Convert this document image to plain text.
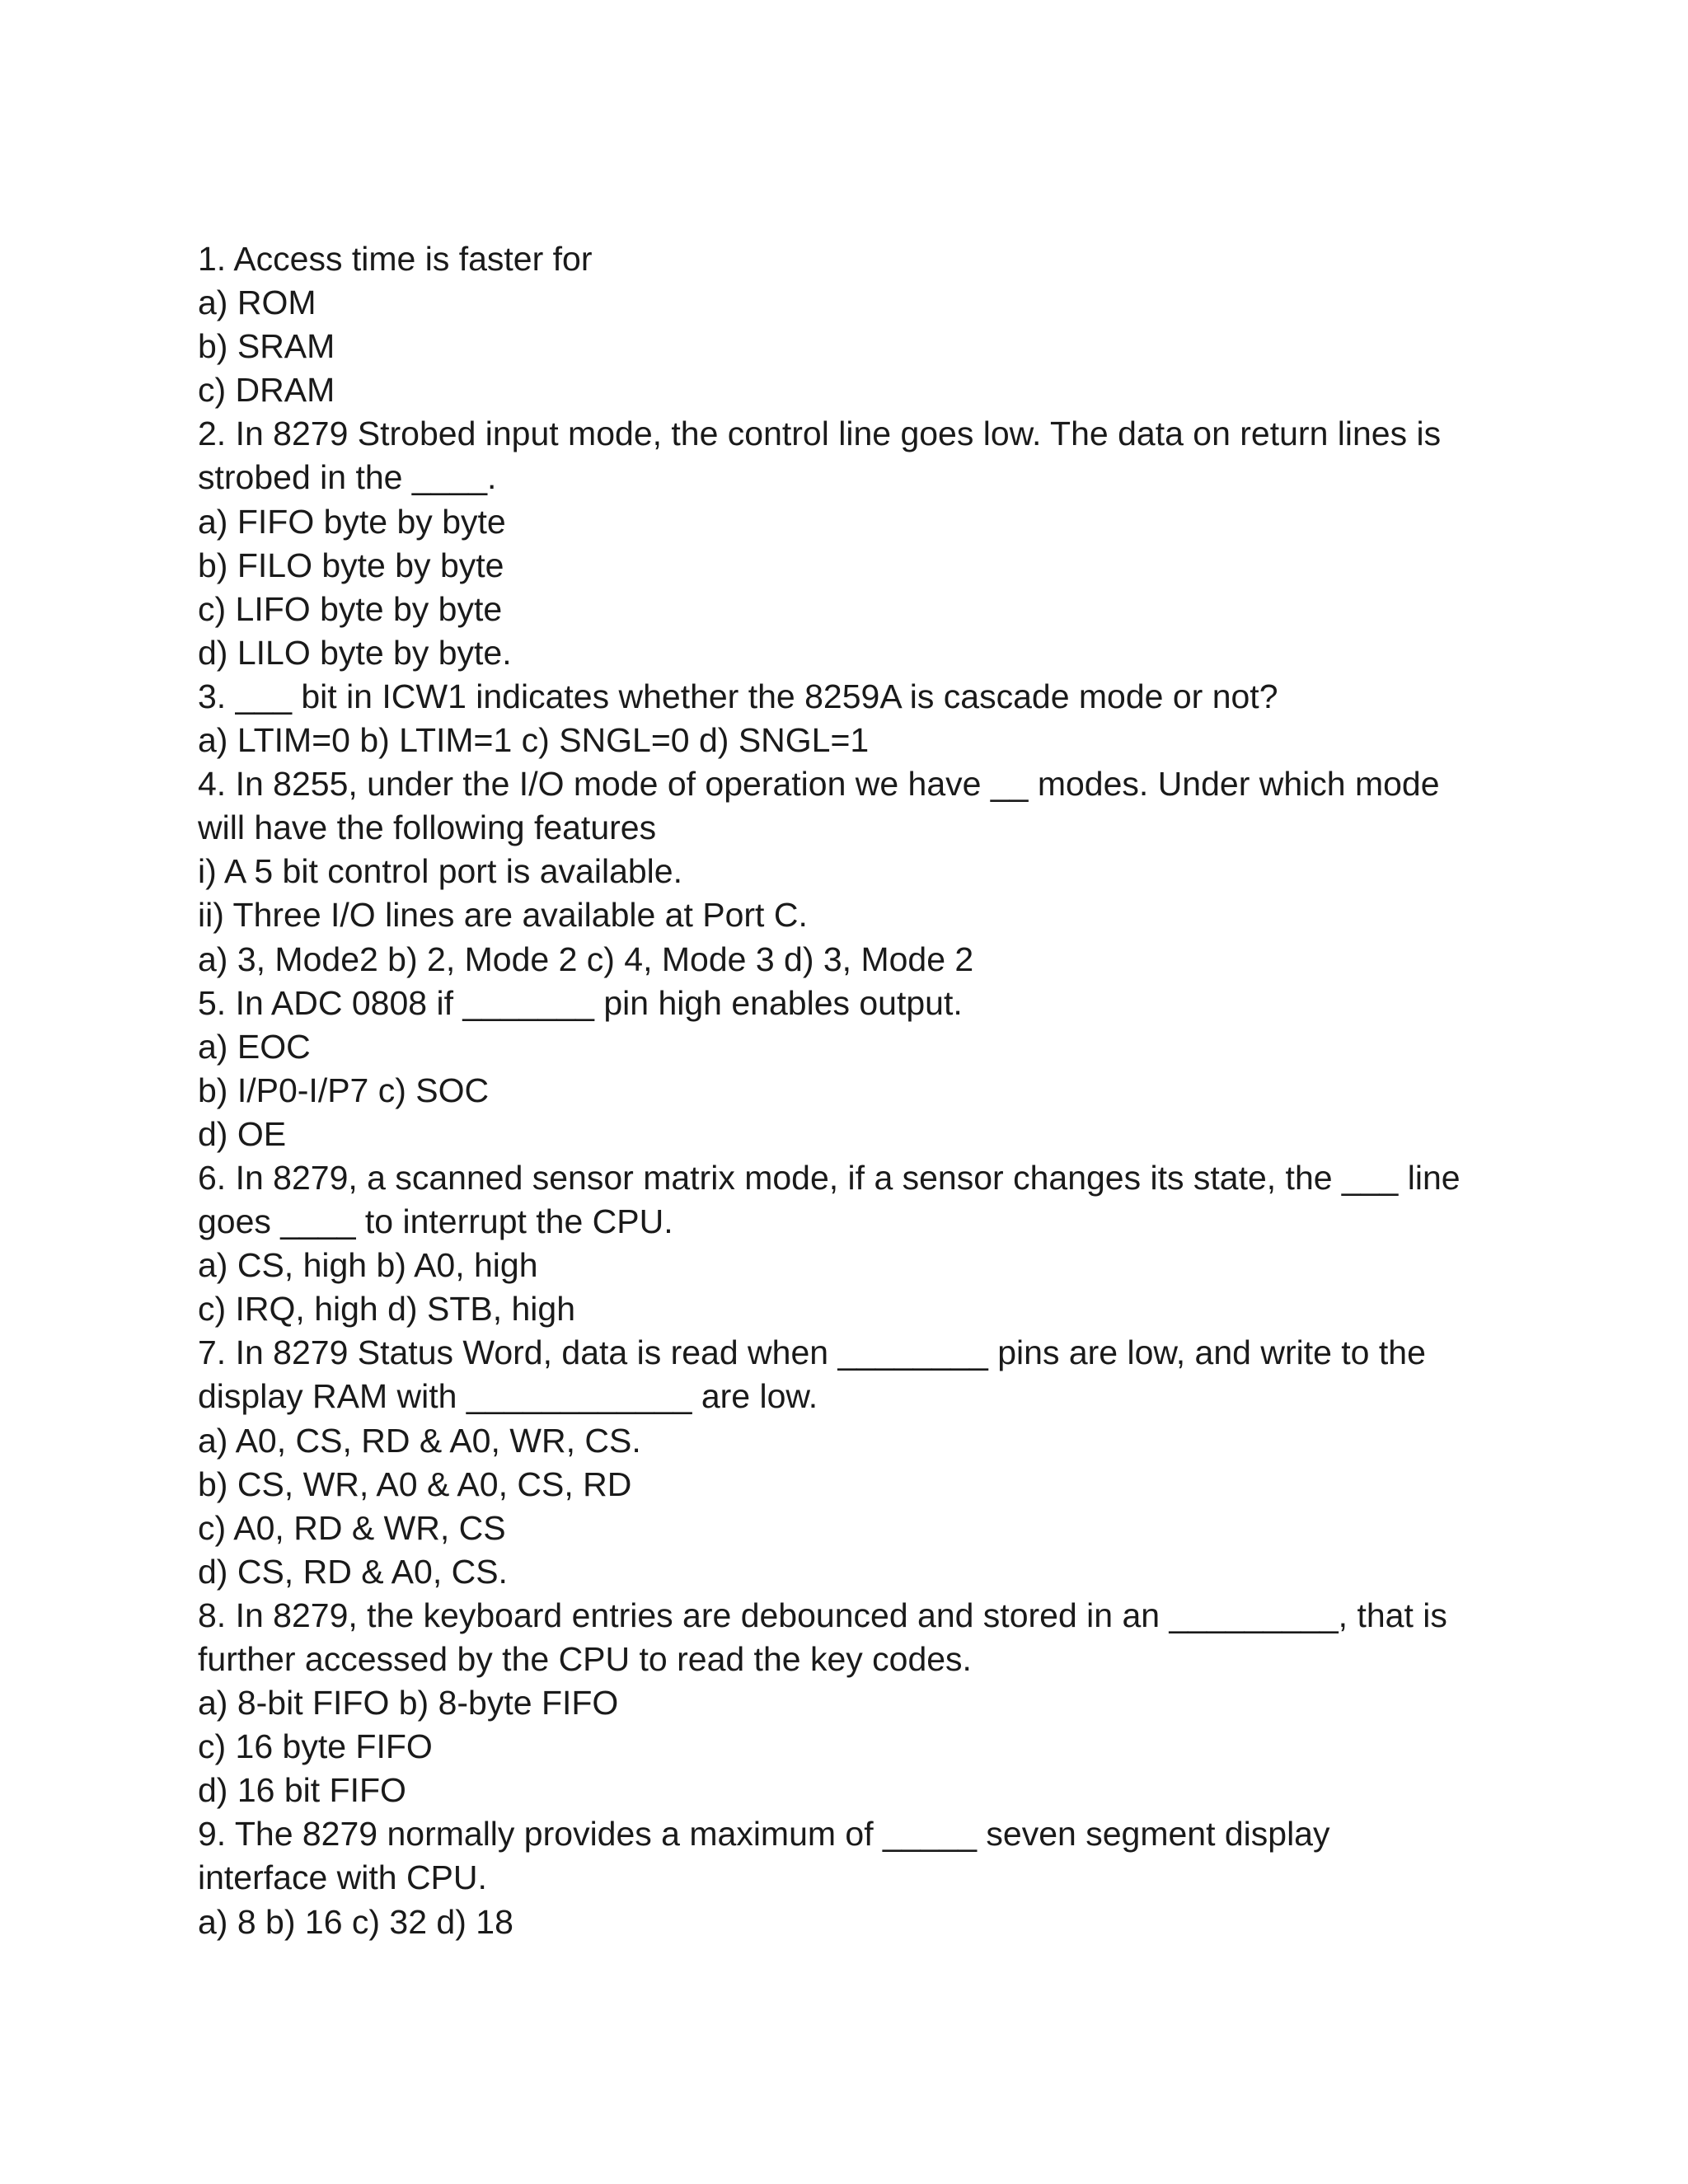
1. Access time is faster for
a) ROM
b) SRAM
c) DRAM
2. In 8279 Strobed input mode, the control line goes low. The data on return lines is
strobed in the ____.
a) FIFO byte by byte
b) FILO byte by byte
c) LIFO byte by byte
d) LILO byte by byte.
3. ___ bit in ICW1 indicates whether the 8259A is cascade mode or not?
a) LTIM=0 b) LTIM=1 c) SNGL=0 d) SNGL=1
4. In 8255, under the I/O mode of operation we have __ modes. Under which mode
will have the following features
i) A 5 bit control port is available.
ii) Three I/O lines are available at Port C.
a) 3, Mode2 b) 2, Mode 2 c) 4, Mode 3 d) 3, Mode 2
5. In ADC 0808 if _______ pin high enables output.
a) EOC
b) I/P0-I/P7 c) SOC
d) OE
6. In 8279, a scanned sensor matrix mode, if a sensor changes its state, the ___ line
goes ____ to interrupt the CPU.
a) CS, high b) A0, high
c) IRQ, high d) STB, high
7. In 8279 Status Word, data is read when ________ pins are low, and write to the
display RAM with ____________ are low.
a) A0, CS, RD & A0, WR, CS.
b) CS, WR, A0 & A0, CS, RD
c) A0, RD & WR, CS
d) CS, RD & A0, CS.
8. In 8279, the keyboard entries are debounced and stored in an _________, that is
further accessed by the CPU to read the key codes.
a) 8-bit FIFO b) 8-byte FIFO
c) 16 byte FIFO
d) 16 bit FIFO
9. The 8279 normally provides a maximum of _____ seven segment display
interface with CPU.
a) 8 b) 16 c) 32 d) 18
